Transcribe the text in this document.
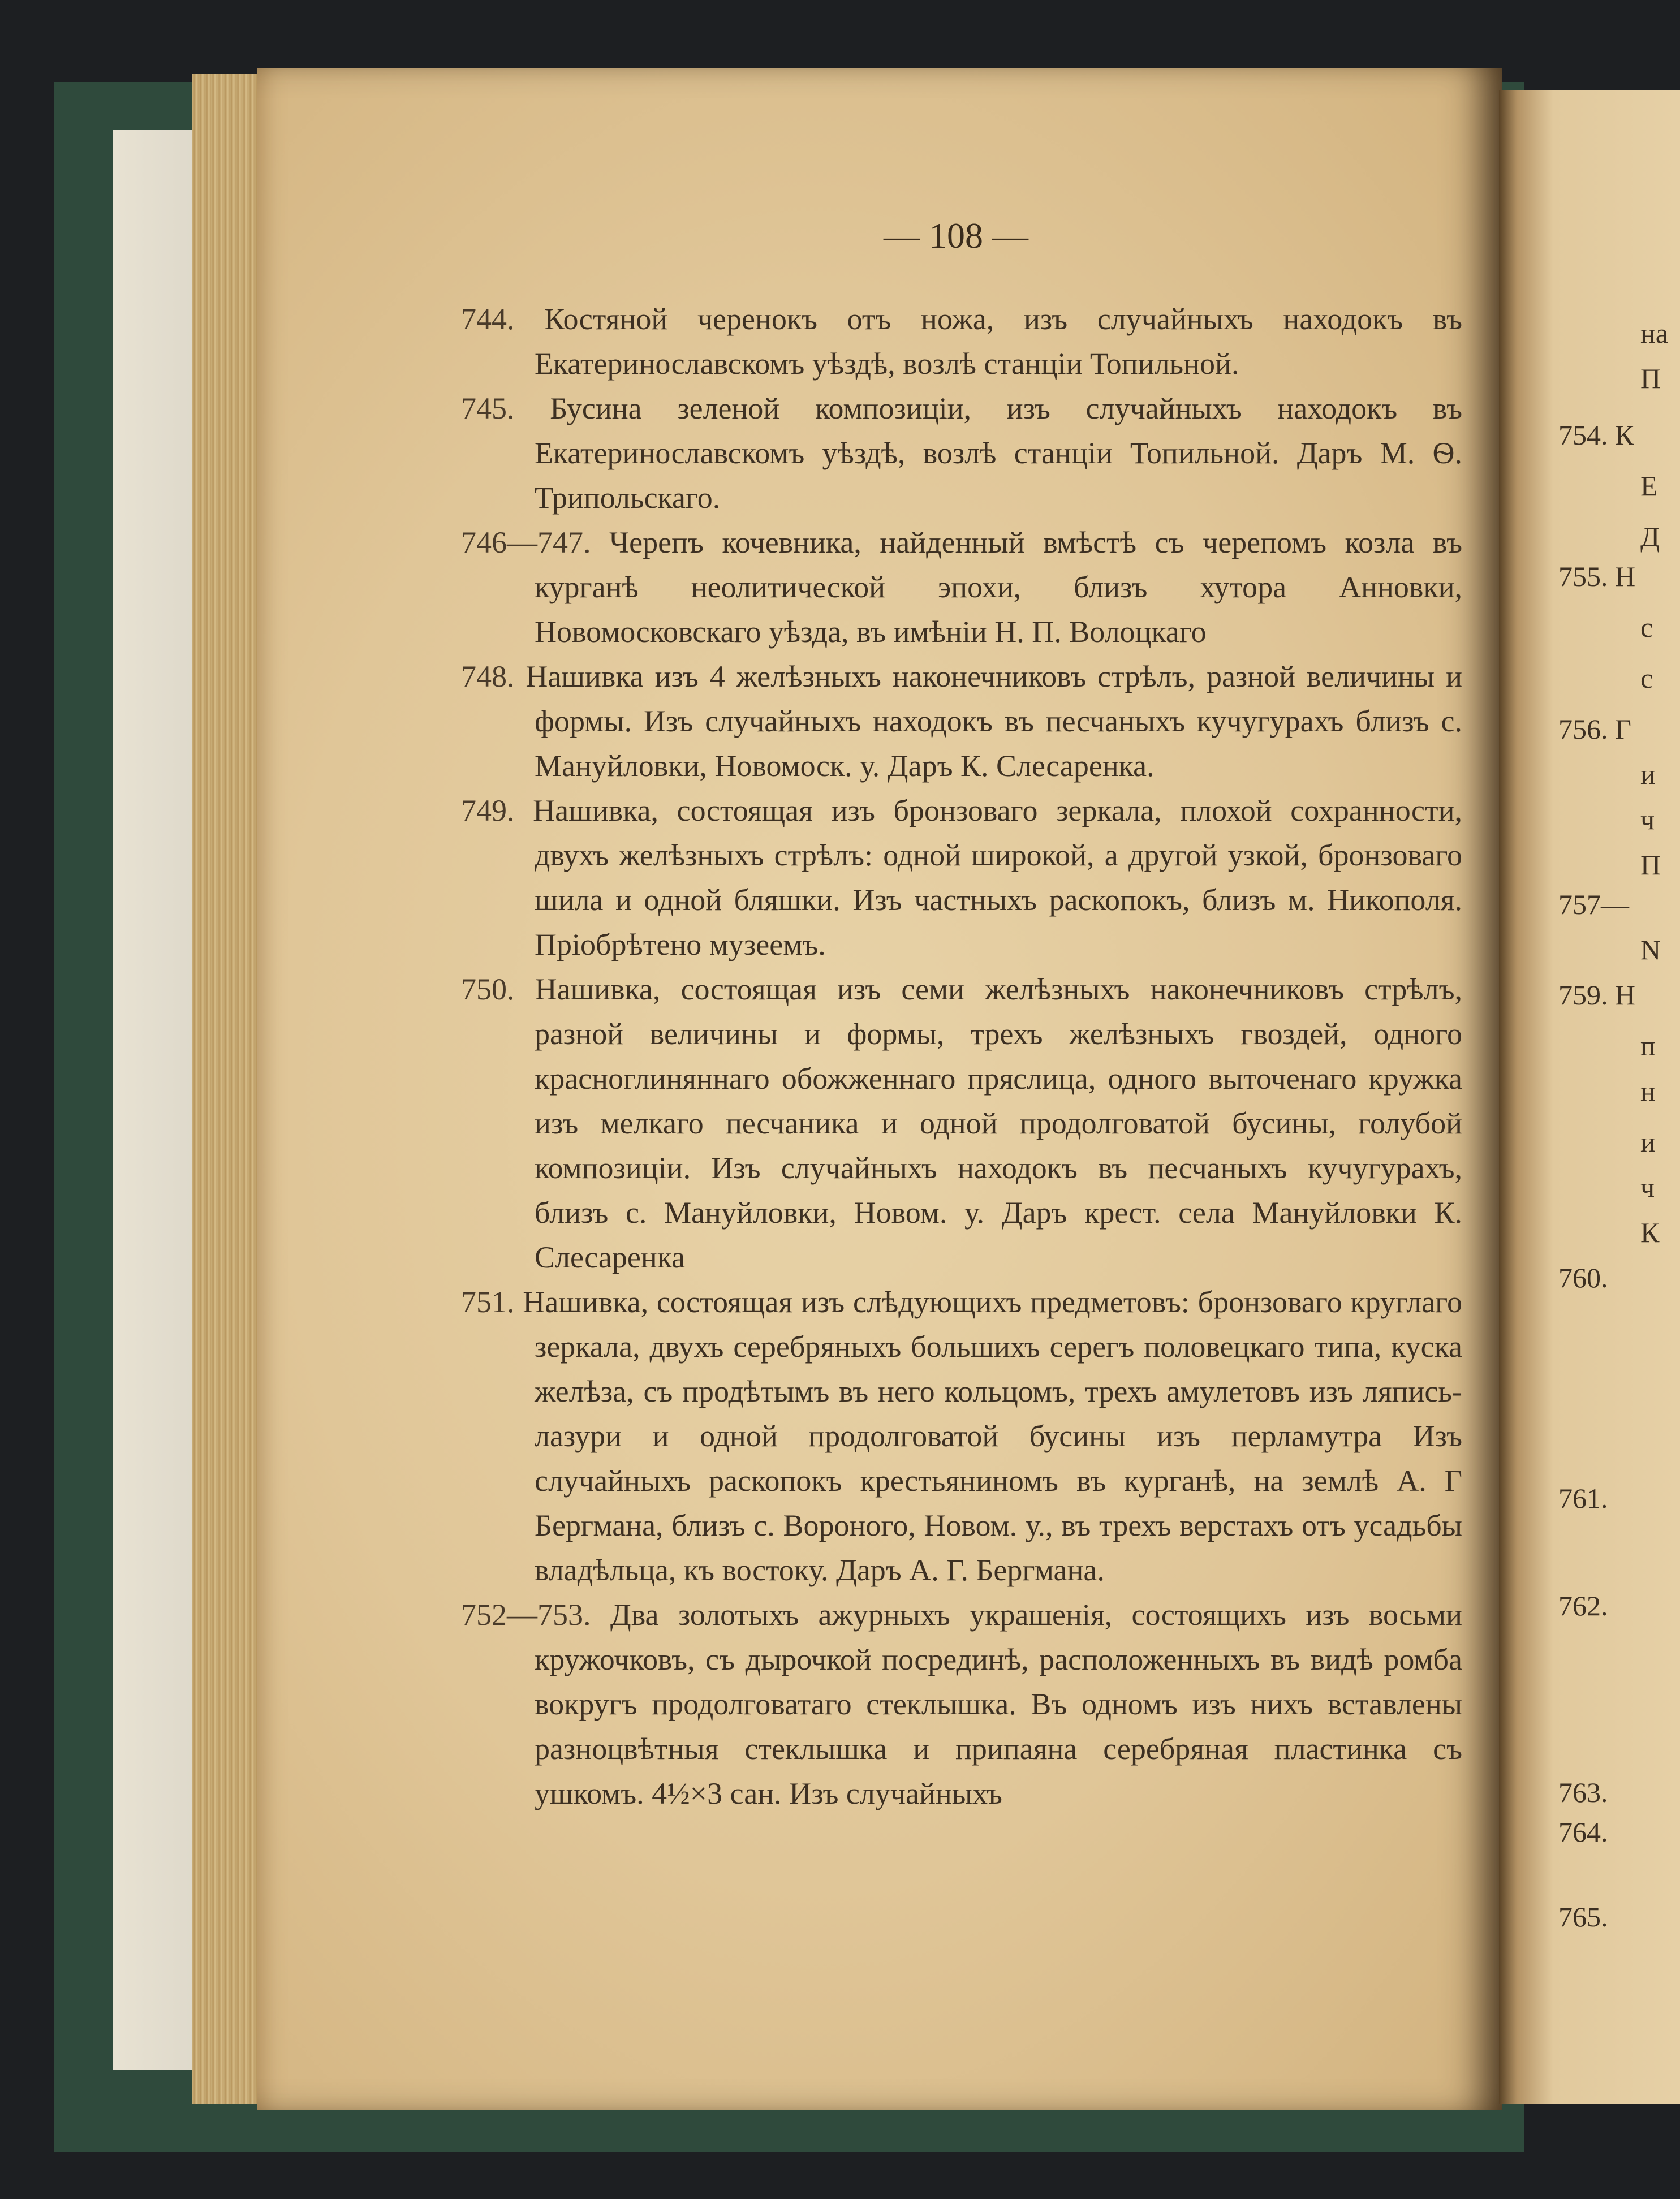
— 108 —

744. Костяной черенокъ отъ ножа, изъ случайныхъ находокъ въ Екатеринославскомъ уѣздѣ, возлѣ станціи Топильной.

745. Бусина зеленой композиціи, изъ случайныхъ находокъ въ Екатеринославскомъ уѣздѣ, возлѣ станціи Топильной. Даръ М. Ѳ. Трипольскаго.

746—747. Черепъ кочевника, найденный вмѣстѣ съ черепомъ козла въ курганѣ неолитической эпохи, близъ хутора Анновки, Новомосковскаго уѣзда, въ имѣніи Н. П. Волоцкаго

748. Нашивка изъ 4 желѣзныхъ наконечниковъ стрѣлъ, разной величины и формы. Изъ случайныхъ находокъ въ песчаныхъ кучугурахъ близъ с. Мануйловки, Новомоск. у. Даръ К. Слесаренка.

749. Нашивка, состоящая изъ бронзоваго зеркала, плохой сохранности, двухъ желѣзныхъ стрѣлъ: одной широкой, а другой узкой, бронзоваго шила и одной бляшки. Изъ частныхъ раскопокъ, близъ м. Никополя. Пріобрѣтено музеемъ.

750. Нашивка, состоящая изъ семи желѣзныхъ наконечниковъ стрѣлъ, разной величины и формы, трехъ желѣзныхъ гвоздей, одного красноглиняннаго обожженнаго пряслица, одного выточенаго кружка изъ мелкаго песчаника и одной продолговатой бусины, голубой композиціи. Изъ случайныхъ находокъ въ песчаныхъ кучугурахъ, близъ с. Мануйловки, Новом. у. Даръ крест. села Мануйловки К. Слесаренка

751. Нашивка, состоящая изъ слѣдующихъ предметовъ: бронзоваго круглаго зеркала, двухъ серебряныхъ большихъ серегъ половецкаго типа, куска желѣза, съ продѣтымъ въ него кольцомъ, трехъ амулетовъ изъ ляпись-лазури и одной продолговатой бусины изъ перламутра Изъ случайныхъ раскопокъ крестьяниномъ въ курганѣ, на землѣ А. Г Бергмана, близъ с. Вороного, Новом. у., въ трехъ верстахъ отъ усадьбы владѣльца, къ востоку. Даръ А. Г. Бергмана.

752—753. Два золотыхъ ажурныхъ украшенія, состоящихъ изъ восьми кружочковъ, съ дырочкой посрединѣ, расположенныхъ въ видѣ ромба вокругъ продолговатаго стеклышка. Въ одномъ изъ нихъ вставлены разноцвѣтныя стеклышка и припаяна серебряная пластинка съ ушкомъ. 4½×3 сан. Изъ случайныхъ

на
П
754. К
Е
Д
755. Н
с
с
756. Г
и
ч
П
757—
N
759. Н
п
н
и
ч
К
760.
761.
762.
763.
764.
765.
